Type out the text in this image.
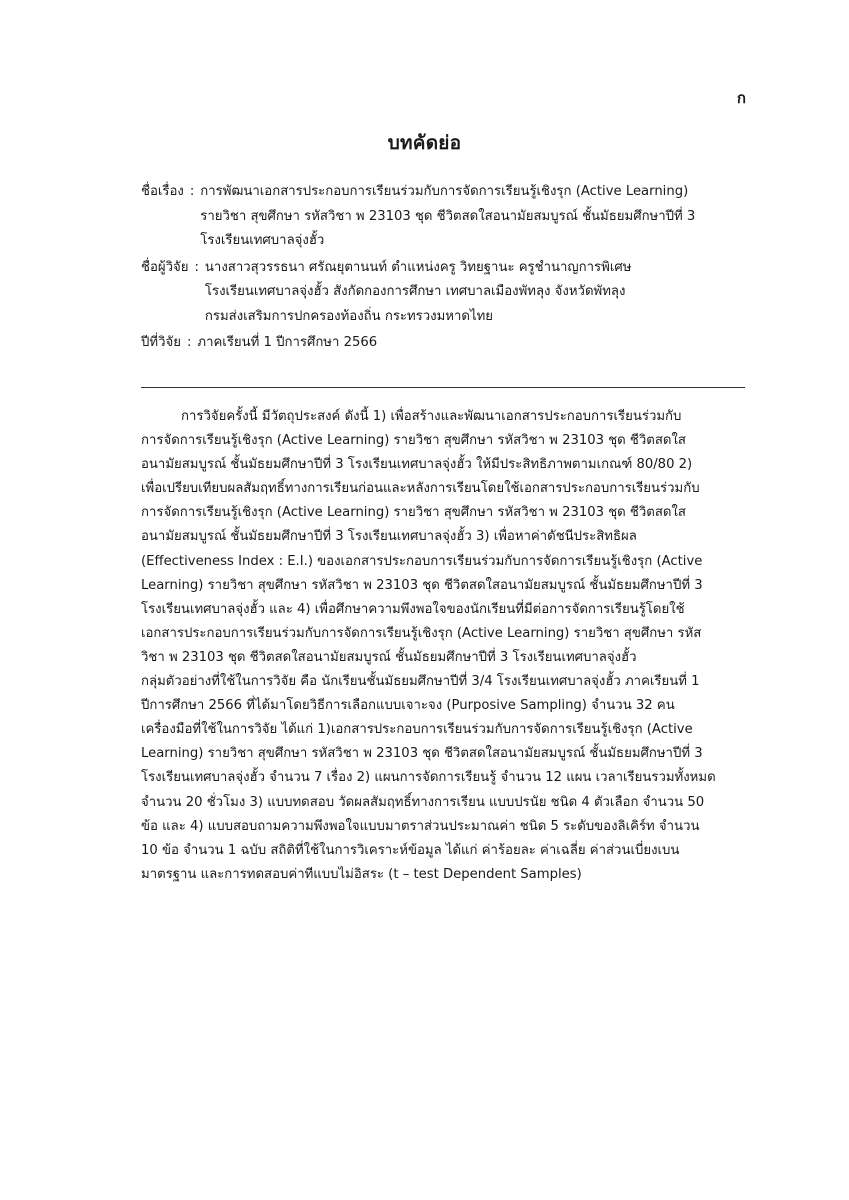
ก
บทคัดย่อ
ชื่อเรื่อง : การพัฒนาเอกสารประกอบการเรียนร่วมกับการจัดการเรียนรู้เชิงรุก (Active Learning)
รายวิชา สุขศึกษา รหัสวิชา พ 23103 ชุด ชีวิตสดใสอนามัยสมบูรณ์ ชั้นมัธยมศึกษาปีที่ 3
โรงเรียนเทศบาลจุ่งฮั้ว
ชื่อผู้วิจัย : นางสาวสุวรรธนา ศรัณยุตานนท์ ตำแหน่งครู วิทยฐานะ ครูชำนาญการพิเศษ
โรงเรียนเทศบาลจุ่งฮั้ว สังกัดกองการศึกษา เทศบาลเมืองพัทลุง จังหวัดพัทลุง
กรมส่งเสริมการปกครองท้องถิ่น กระทรวงมหาดไทย
ปีที่วิจัย : ภาคเรียนที่ 1 ปีการศึกษา 2566
การวิจัยครั้งนี้ มีวัตถุประสงค์ ดังนี้ 1) เพื่อสร้างและพัฒนาเอกสารประกอบการเรียนร่วมกับ
การจัดการเรียนรู้เชิงรุก (Active Learning) รายวิชา สุขศึกษา รหัสวิชา พ 23103 ชุด ชีวิตสดใส
อนามัยสมบูรณ์ ชั้นมัธยมศึกษาปีที่ 3 โรงเรียนเทศบาลจุ่งฮั้ว ให้มีประสิทธิภาพตามเกณฑ์ 80/80 2)
เพื่อเปรียบเทียบผลสัมฤทธิ์ทางการเรียนก่อนและหลังการเรียนโดยใช้เอกสารประกอบการเรียนร่วมกับ
การจัดการเรียนรู้เชิงรุก (Active Learning) รายวิชา สุขศึกษา รหัสวิชา พ 23103 ชุด ชีวิตสดใส
อนามัยสมบูรณ์ ชั้นมัธยมศึกษาปีที่ 3 โรงเรียนเทศบาลจุ่งฮั้ว 3) เพื่อหาค่าดัชนีประสิทธิผล
(Effectiveness Index : E.I.) ของเอกสารประกอบการเรียนร่วมกับการจัดการเรียนรู้เชิงรุก (Active
Learning) รายวิชา สุขศึกษา รหัสวิชา พ 23103 ชุด ชีวิตสดใสอนามัยสมบูรณ์ ชั้นมัธยมศึกษาปีที่ 3
โรงเรียนเทศบาลจุ่งฮั้ว และ 4) เพื่อศึกษาความพึงพอใจของนักเรียนที่มีต่อการจัดการเรียนรู้โดยใช้
เอกสารประกอบการเรียนร่วมกับการจัดการเรียนรู้เชิงรุก (Active Learning) รายวิชา สุขศึกษา รหัส
วิชา พ 23103 ชุด ชีวิตสดใสอนามัยสมบูรณ์ ชั้นมัธยมศึกษาปีที่ 3 โรงเรียนเทศบาลจุ่งฮั้ว
กลุ่มตัวอย่างที่ใช้ในการวิจัย คือ นักเรียนชั้นมัธยมศึกษาปีที่ 3/4 โรงเรียนเทศบาลจุ่งฮั้ว ภาคเรียนที่ 1
ปีการศึกษา 2566 ที่ได้มาโดยวิธีการเลือกแบบเจาะจง (Purposive Sampling) จำนวน 32 คน
เครื่องมือที่ใช้ในการวิจัย ได้แก่ 1)เอกสารประกอบการเรียนร่วมกับการจัดการเรียนรู้เชิงรุก (Active
Learning) รายวิชา สุขศึกษา รหัสวิชา พ 23103 ชุด ชีวิตสดใสอนามัยสมบูรณ์ ชั้นมัธยมศึกษาปีที่ 3
โรงเรียนเทศบาลจุ่งฮั้ว จำนวน 7 เรื่อง 2) แผนการจัดการเรียนรู้ จำนวน 12 แผน เวลาเรียนรวมทั้งหมด
จำนวน 20 ชั่วโมง 3) แบบทดสอบ วัดผลสัมฤทธิ์ทางการเรียน แบบปรนัย ชนิด 4 ตัวเลือก จำนวน 50
ข้อ และ 4) แบบสอบถามความพึงพอใจแบบมาตราส่วนประมาณค่า ชนิด 5 ระดับของลิเคิร์ท จำนวน
10 ข้อ จำนวน 1 ฉบับ สถิติที่ใช้ในการวิเคราะห์ข้อมูล ได้แก่ ค่าร้อยละ ค่าเฉลี่ย ค่าส่วนเบี่ยงเบน
มาตรฐาน และการทดสอบค่าทีแบบไม่อิสระ (t – test Dependent Samples)
